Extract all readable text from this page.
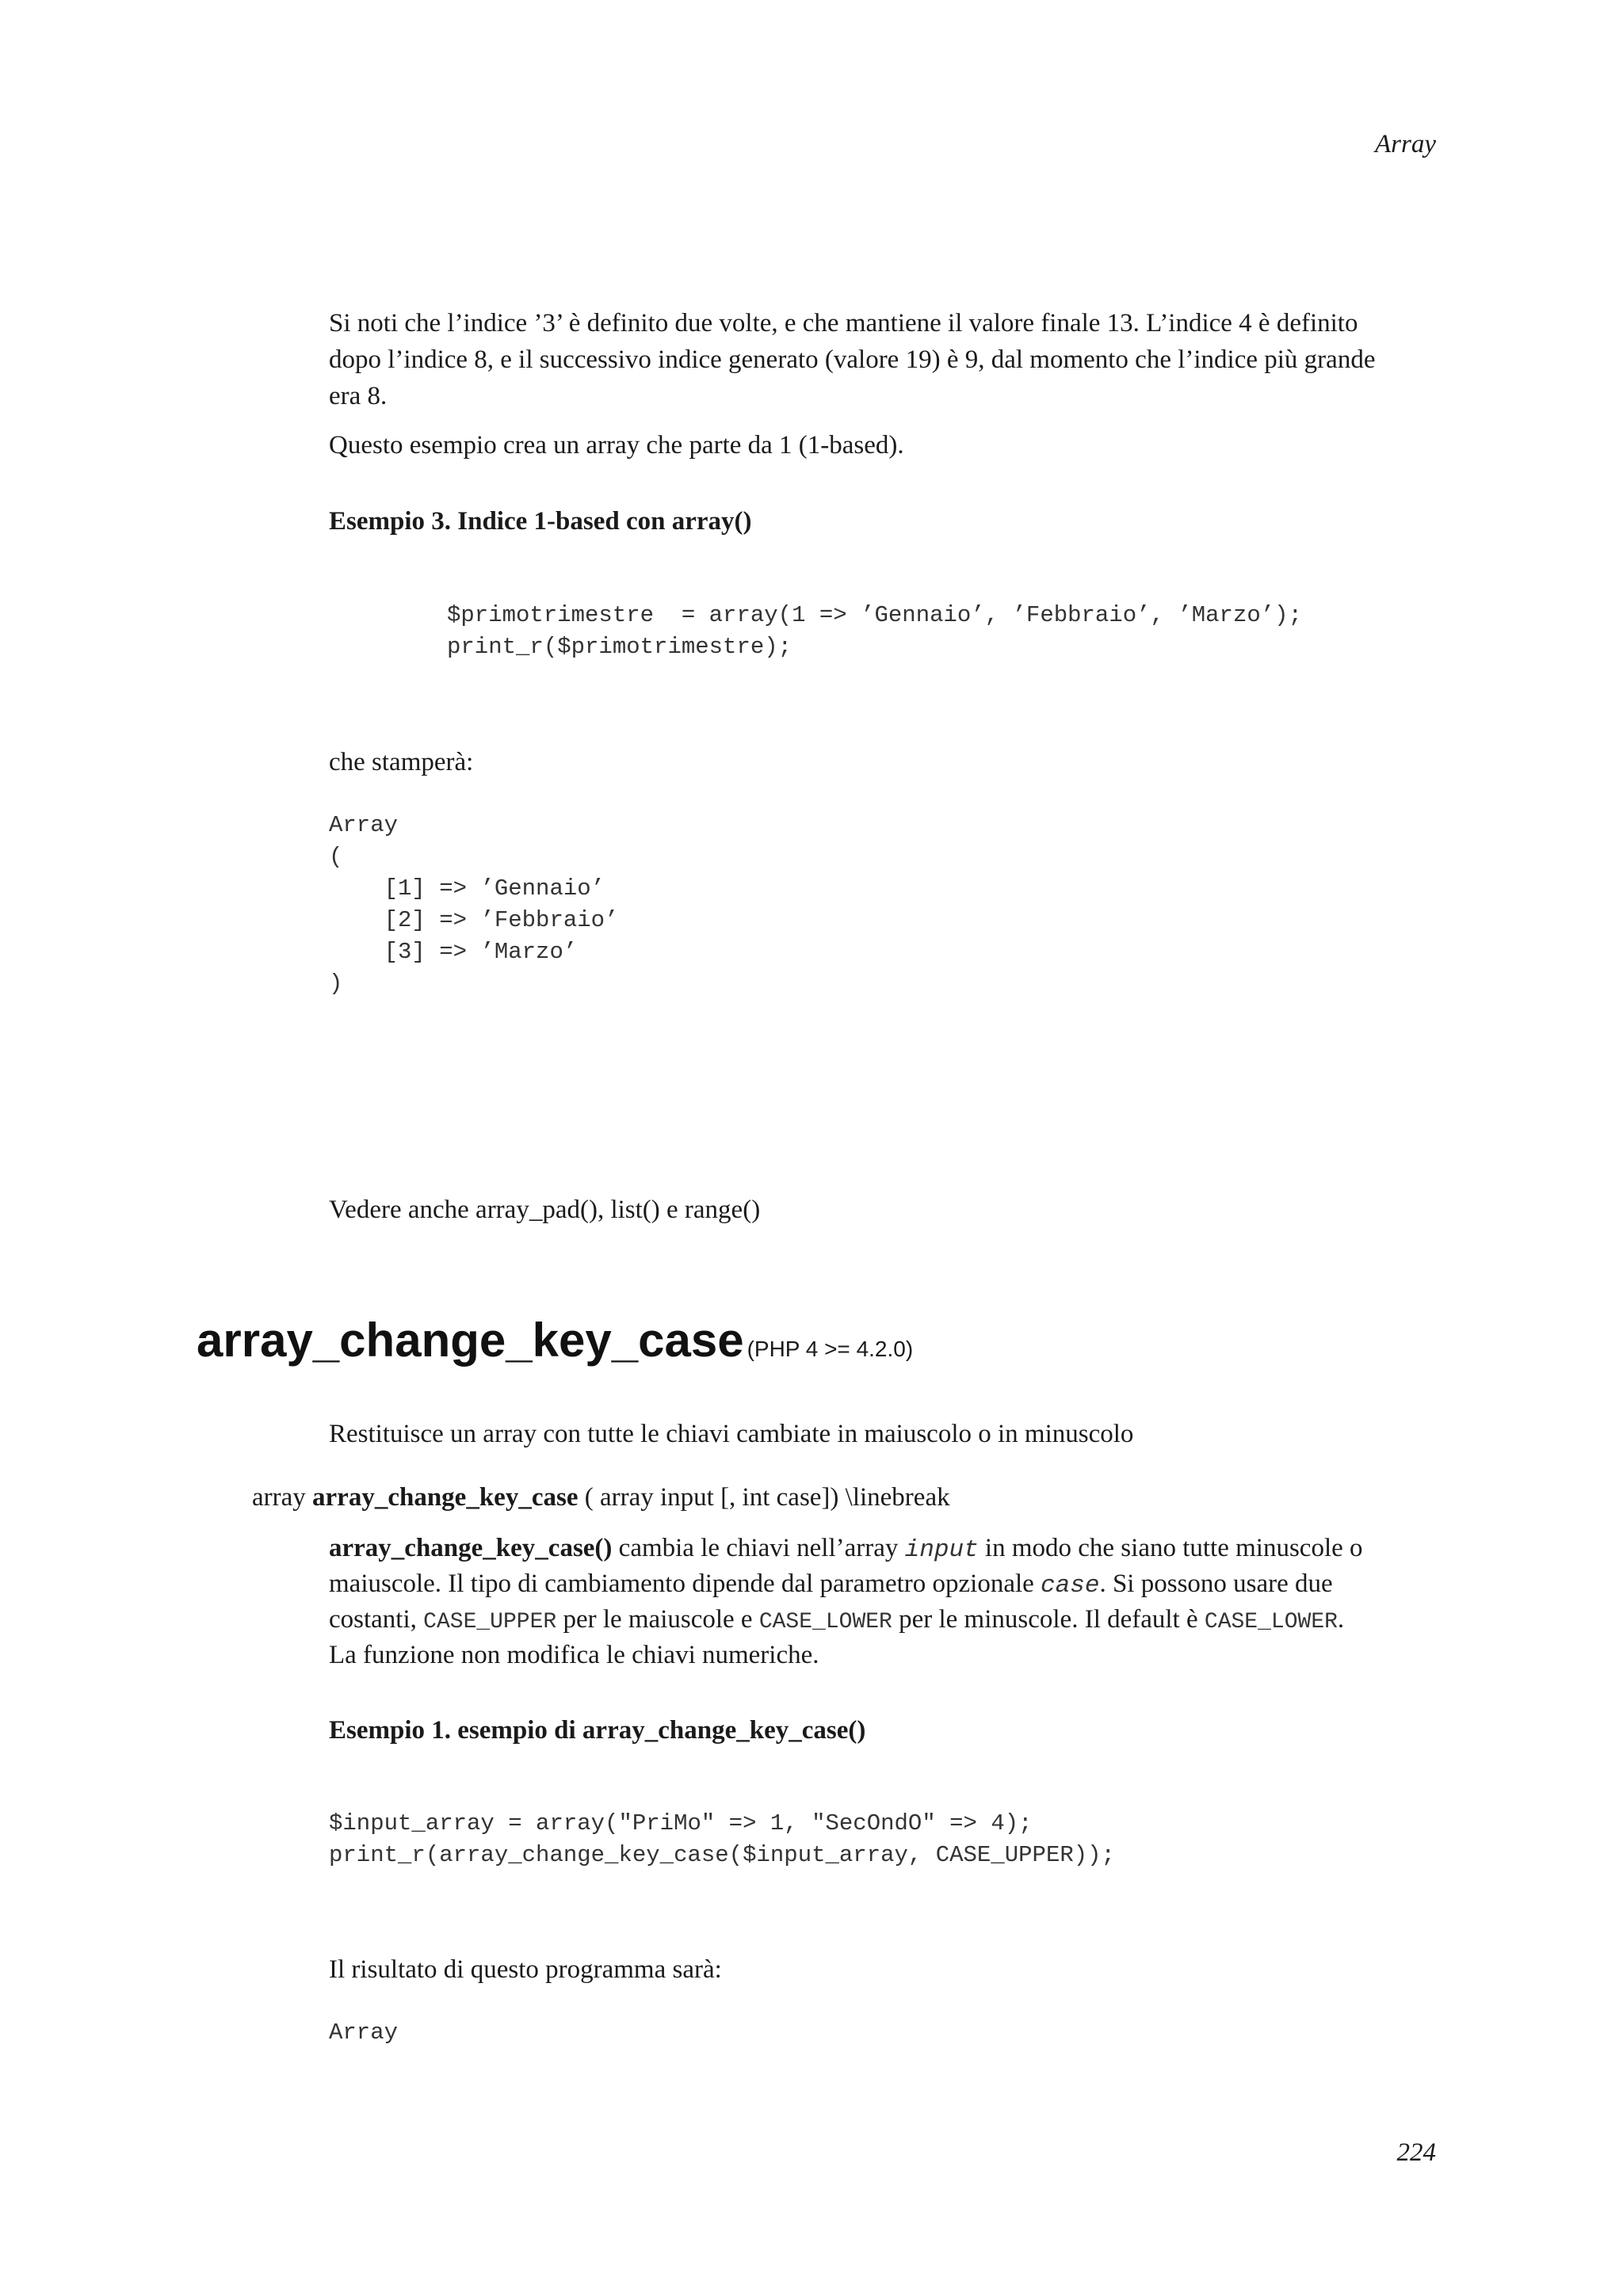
Array
Si noti che l’indice ’3’ è definito due volte, e che mantiene il valore finale 13. L’indice 4 è definito
dopo l’indice 8, e il successivo indice generato (valore 19) è 9, dal momento che l’indice più grande
era 8.
Questo esempio crea un array che parte da 1 (1-based).
Esempio 3. Indice 1-based con array()
$primotrimestre  = array(1 => ’Gennaio’, ’Febbraio’, ’Marzo’);
print_r($primotrimestre);
che stamperà:
Array
(
[1] => ’Gennaio’
[2] => ’Febbraio’
[3] => ’Marzo’
)
Vedere anche array_pad(), list() e range()
array_change_key_case (PHP 4 >= 4.2.0)
Restituisce un array con tutte le chiavi cambiate in maiuscolo o in minuscolo
array array_change_key_case ( array input [, int case]) \linebreak
array_change_key_case() cambia le chiavi nell’array input in modo che siano tutte minuscole o
maiuscole. Il tipo di cambiamento dipende dal parametro opzionale case. Si possono usare due
costanti, CASE_UPPER per le maiuscole e CASE_LOWER per le minuscole. Il default è CASE_LOWER.
La funzione non modifica le chiavi numeriche.
Esempio 1. esempio di array_change_key_case()
$input_array = array("PriMo" => 1, "SecOndO" => 4);
print_r(array_change_key_case($input_array, CASE_UPPER));
Il risultato di questo programma sarà:
Array
224
